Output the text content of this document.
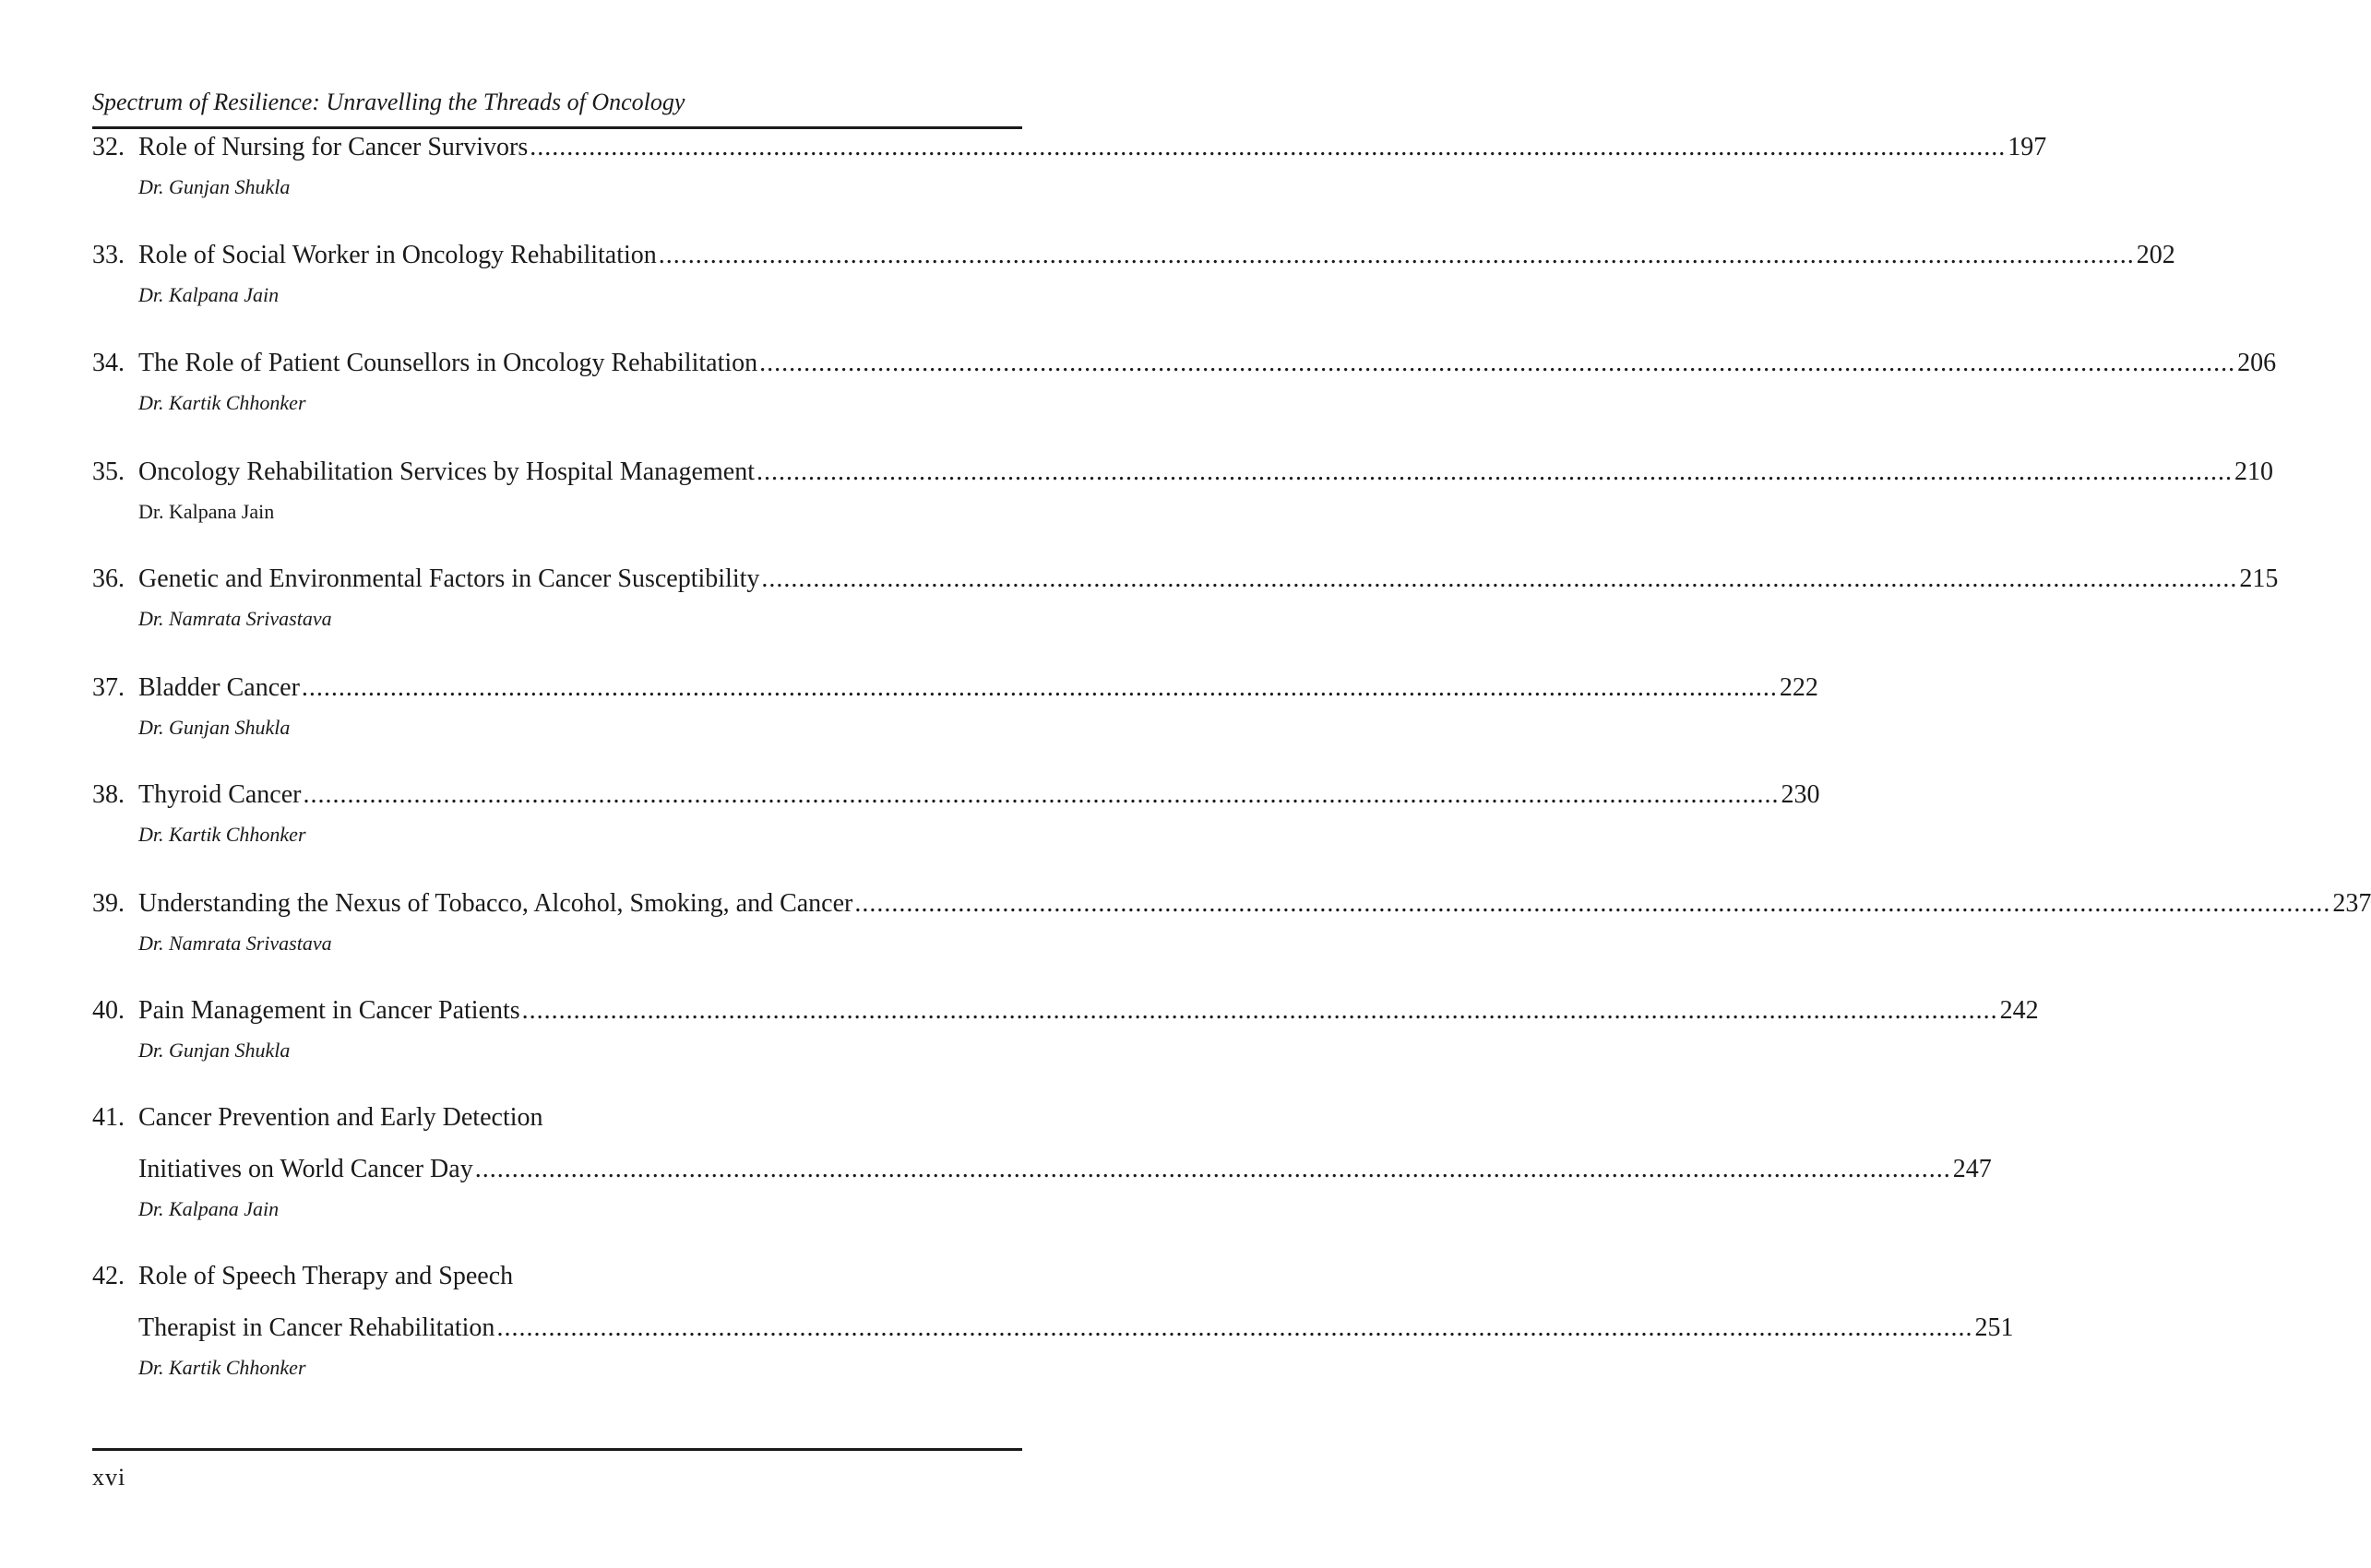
Spectrum of Resilience: Unravelling the Threads of Oncology
32. Role of Nursing for Cancer Survivors ........................................................................................................................................................................................................ 197
Dr. Gunjan Shukla
33. Role of Social Worker in Oncology Rehabilitation ........................................................................................................................................................................................................ 202
Dr. Kalpana Jain
34. The Role of Patient Counsellors in Oncology Rehabilitation ........................................................................................................................................................................................................ 206
Dr. Kartik Chhonker
35. Oncology Rehabilitation Services by Hospital Management ........................................................................................................................................................................................................ 210
Dr. Kalpana Jain
36. Genetic and Environmental Factors in Cancer Susceptibility ........................................................................................................................................................................................................ 215
Dr. Namrata Srivastava
37. Bladder Cancer ........................................................................................................................................................................................................ 222
Dr. Gunjan Shukla
38. Thyroid Cancer ........................................................................................................................................................................................................ 230
Dr. Kartik Chhonker
39. Understanding the Nexus of Tobacco, Alcohol, Smoking, and Cancer ........................................................................................................................................................................................................ 237
Dr. Namrata Srivastava
40. Pain Management in Cancer Patients ........................................................................................................................................................................................................ 242
Dr. Gunjan Shukla
41. Cancer Prevention and Early Detection
Initiatives on World Cancer Day ........................................................................................................................................................................................................ 247
Dr. Kalpana Jain
42. Role of Speech Therapy and Speech
Therapist in Cancer Rehabilitation ........................................................................................................................................................................................................ 251
Dr. Kartik Chhonker
xvi
